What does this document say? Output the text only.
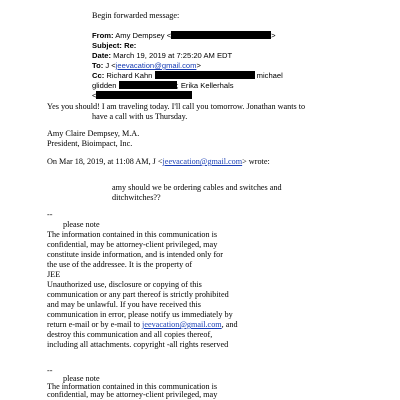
Begin forwarded message:
From: Amy Dempsey <	>
Subject: Re:
Date: March 19, 2019 at 7:25:20 AM EDT
To: J <jeevacation@gmail.com>
Cc: Richard Kahn	michael
glidden	; Erika Kellerhals
<
Yes you should! I am traveling today. I'll call you tomorrow. Jonathan wants to
have a call with us Thursday.
Amy Claire Dempsey, M.A.
President, Bioimpact, Inc.
On Mar 18, 2019, at 11:08 AM, J <jeevacation@gmail.com> wrote:
amy should we be ordering cables and switches and
ditchwitches??
--
please note
The information contained in this communication is
confidential, may be attorney-client privileged, may
constitute inside information, and is intended only for
the use of the addressee. It is the property of
JEE
Unauthorized use, disclosure or copying of this
communication or any part thereof is strictly prohibited
and may be unlawful. If you have received this
communication in error, please notify us immediately by
return e-mail or by e-mail to jeevacation@gmail.com, and
destroy this communication and all copies thereof,
including all attachments. copyright -all rights reserved
--
please note
The information contained in this communication is
confidential, may be attorney-client privileged, may
